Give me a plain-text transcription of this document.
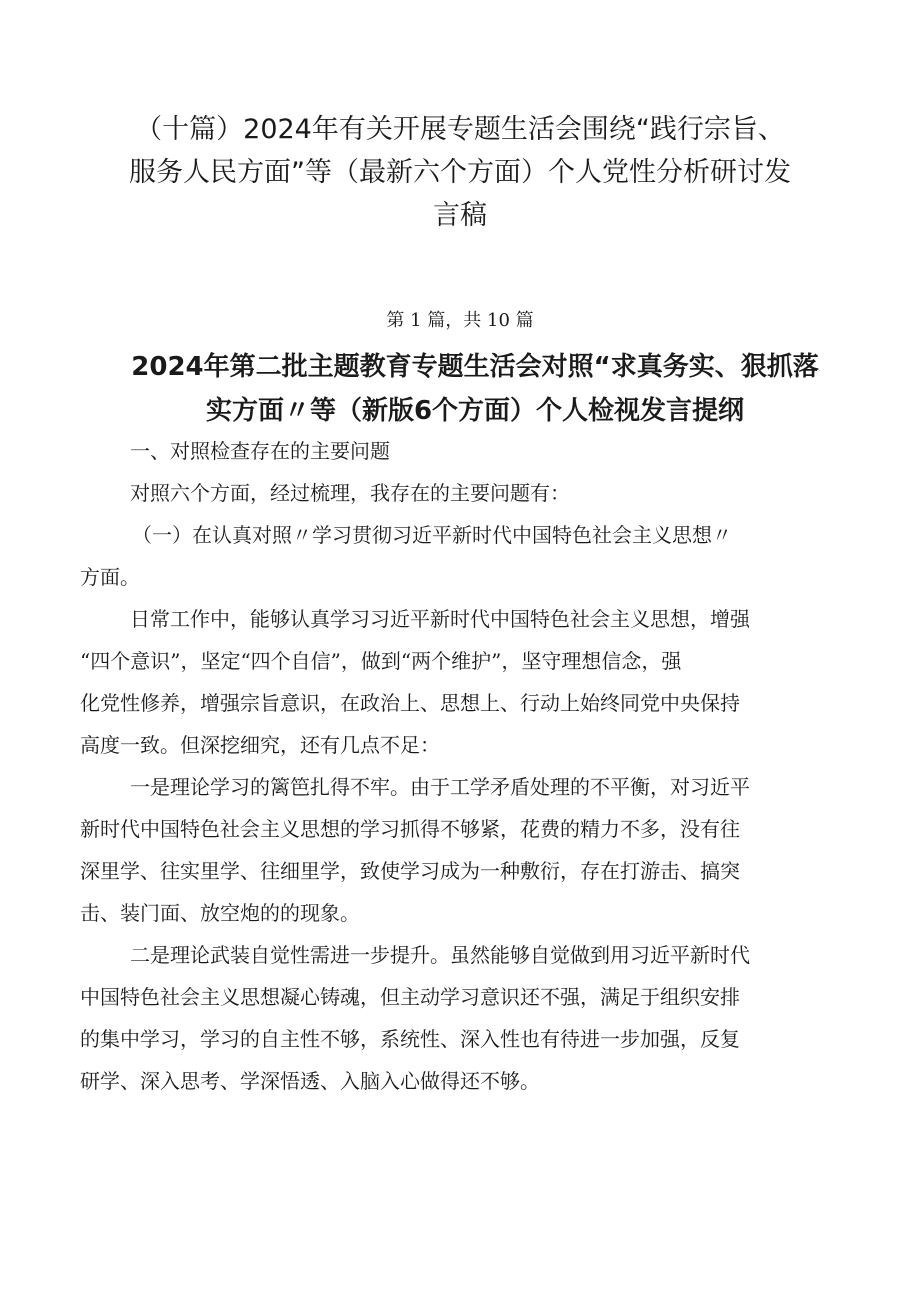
（十篇）2024年有关开展专题生活会围绕“践行宗旨、
服务人民方面”等（最新六个方面）个人党性分析研讨发
言稿
第 1 篇，共 10 篇
2024年第二批主题教育专题生活会对照“求真务实、狠抓落
实方面〃等（新版6个方面）个人检视发言提纲

一、对照检查存在的主要问题

对照六个方面，经过梳理，我存在的主要问题有：

（一）在认真对照〃学习贯彻习近平新时代中国特色社会主义思想〃

方面。

日常工作中，能够认真学习习近平新时代中国特色社会主义思想，增强

“四个意识”，坚定“四个自信”，做到“两个维护”，坚守理想信念，强

化党性修养，增强宗旨意识，在政治上、思想上、行动上始终同党中央保持

高度一致。但深挖细究，还有几点不足：

一是理论学习的篱笆扎得不牢。由于工学矛盾处理的不平衡，对习近平

新时代中国特色社会主义思想的学习抓得不够紧，花费的精力不多，没有往

深里学、往实里学、往细里学，致使学习成为一种敷衍，存在打游击、搞突

击、装门面、放空炮的的现象。

二是理论武装自觉性需进一步提升。虽然能够自觉做到用习近平新时代

中国特色社会主义思想凝心铸魂，但主动学习意识还不强，满足于组织安排

的集中学习，学习的自主性不够，系统性、深入性也有待进一步加强，反复

研学、深入思考、学深悟透、入脑入心做得还不够。
